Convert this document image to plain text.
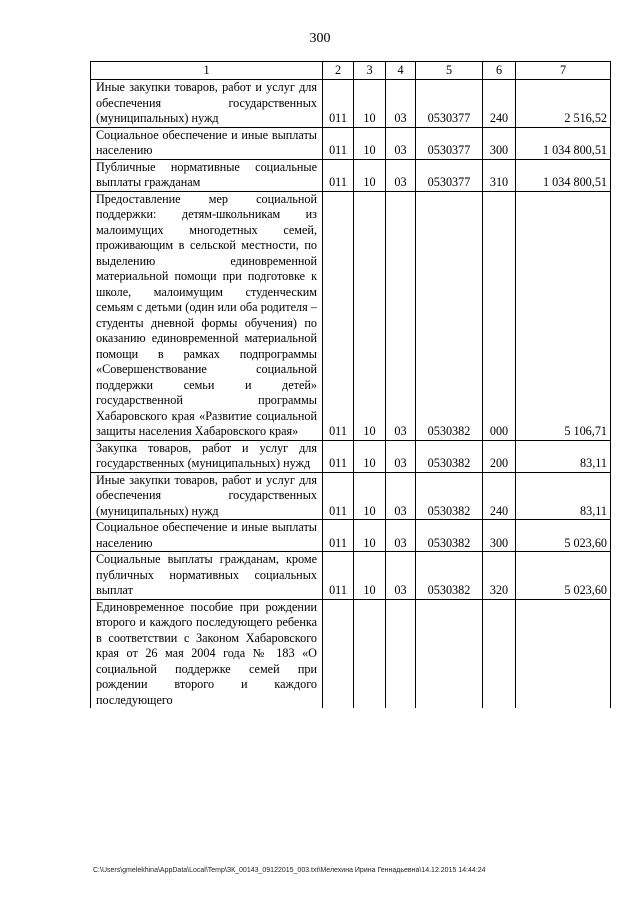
300
1	2	3	4	5	6	7
Иные закупки товаров, работ и услуг для обеспечения государственных (муниципальных) нужд	011	10	03	0530377	240	2 516,52
Социальное обеспечение и иные выплаты населению	011	10	03	0530377	300	1 034 800,51
Публичные нормативные социальные выплаты гражданам	011	10	03	0530377	310	1 034 800,51
Предоставление мер социальной поддержки: детям-школьникам из малоимущих многодетных семей, проживающим в сельской местности, по выделению единовременной материальной помощи при подготовке к школе, малоимущим студенческим семьям с детьми (один или оба родителя – студенты дневной формы обучения) по оказанию единовременной материальной помощи в рамках подпрограммы «Совершенствование социальной поддержки семьи и детей» государственной программы Хабаровского края «Развитие социальной защиты населения Хабаровского края»	011	10	03	0530382	000	5 106,71
Закупка товаров, работ и услуг для государственных (муниципальных) нужд	011	10	03	0530382	200	83,11
Иные закупки товаров, работ и услуг для обеспечения государственных (муниципальных) нужд	011	10	03	0530382	240	83,11
Социальное обеспечение и иные выплаты населению	011	10	03	0530382	300	5 023,60
Социальные выплаты гражданам, кроме публичных нормативных социальных выплат	011	10	03	0530382	320	5 023,60
Единовременное пособие при рождении второго и каждого последующего ребенка в соответствии с Законом Хабаровского края от 26 мая 2004 года № 183 «О социальной поддержке семей при рождении второго и каждого последующего						
C:\Users\gmelekhina\AppData\Local\Temp\ЗК_00143_09122015_003.txt\Мелехина Ирина Геннадьевна\14.12.2015 14:44:24
